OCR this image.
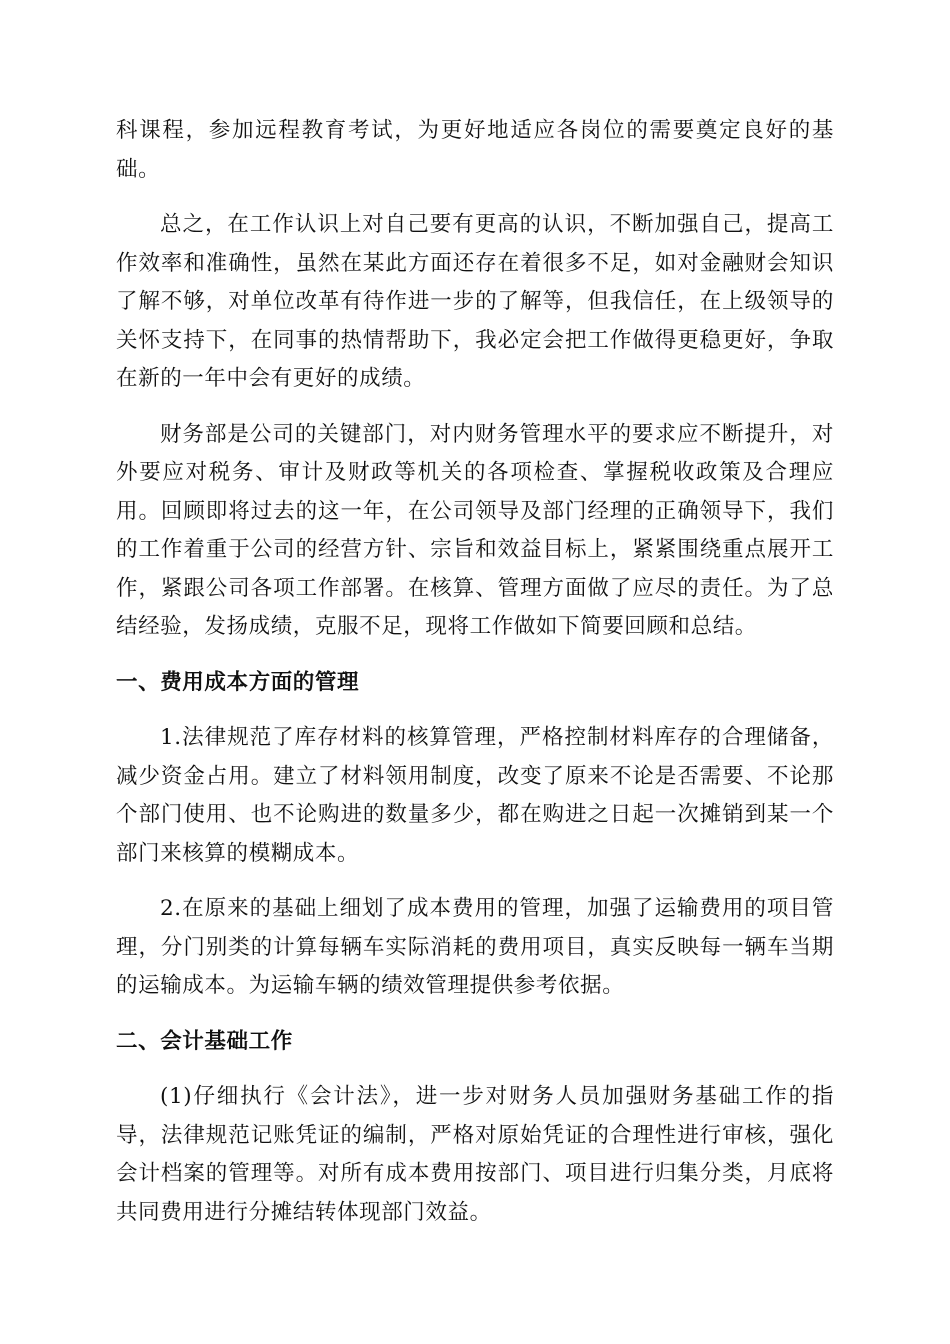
科课程，参加远程教育考试，为更好地适应各岗位的需要奠定良好的基础。

总之，在工作认识上对自己要有更高的认识，不断加强自己，提高工作效率和准确性，虽然在某此方面还存在着很多不足，如对金融财会知识了解不够，对单位改革有待作进一步的了解等，但我信任，在上级领导的关怀支持下，在同事的热情帮助下，我必定会把工作做得更稳更好，争取在新的一年中会有更好的成绩。

财务部是公司的关键部门，对内财务管理水平的要求应不断提升，对外要应对税务、审计及财政等机关的各项检查、掌握税收政策及合理应用。回顾即将过去的这一年，在公司领导及部门经理的正确领导下，我们的工作着重于公司的经营方针、宗旨和效益目标上，紧紧围绕重点展开工作，紧跟公司各项工作部署。在核算、管理方面做了应尽的责任。为了总结经验，发扬成绩，克服不足，现将工作做如下简要回顾和总结。

一、费用成本方面的管理

1.法律规范了库存材料的核算管理，严格控制材料库存的合理储备，减少资金占用。建立了材料领用制度，改变了原来不论是否需要、不论那个部门使用、也不论购进的数量多少，都在购进之日起一次摊销到某一个部门来核算的模糊成本。

2.在原来的基础上细划了成本费用的管理，加强了运输费用的项目管理，分门别类的计算每辆车实际消耗的费用项目，真实反映每一辆车当期的运输成本。为运输车辆的绩效管理提供参考依据。

二、会计基础工作

(1)仔细执行《会计法》，进一步对财务人员加强财务基础工作的指导，法律规范记账凭证的编制，严格对原始凭证的合理性进行审核，强化会计档案的管理等。对所有成本费用按部门、项目进行归集分类，月底将共同费用进行分摊结转体现部门效益。
